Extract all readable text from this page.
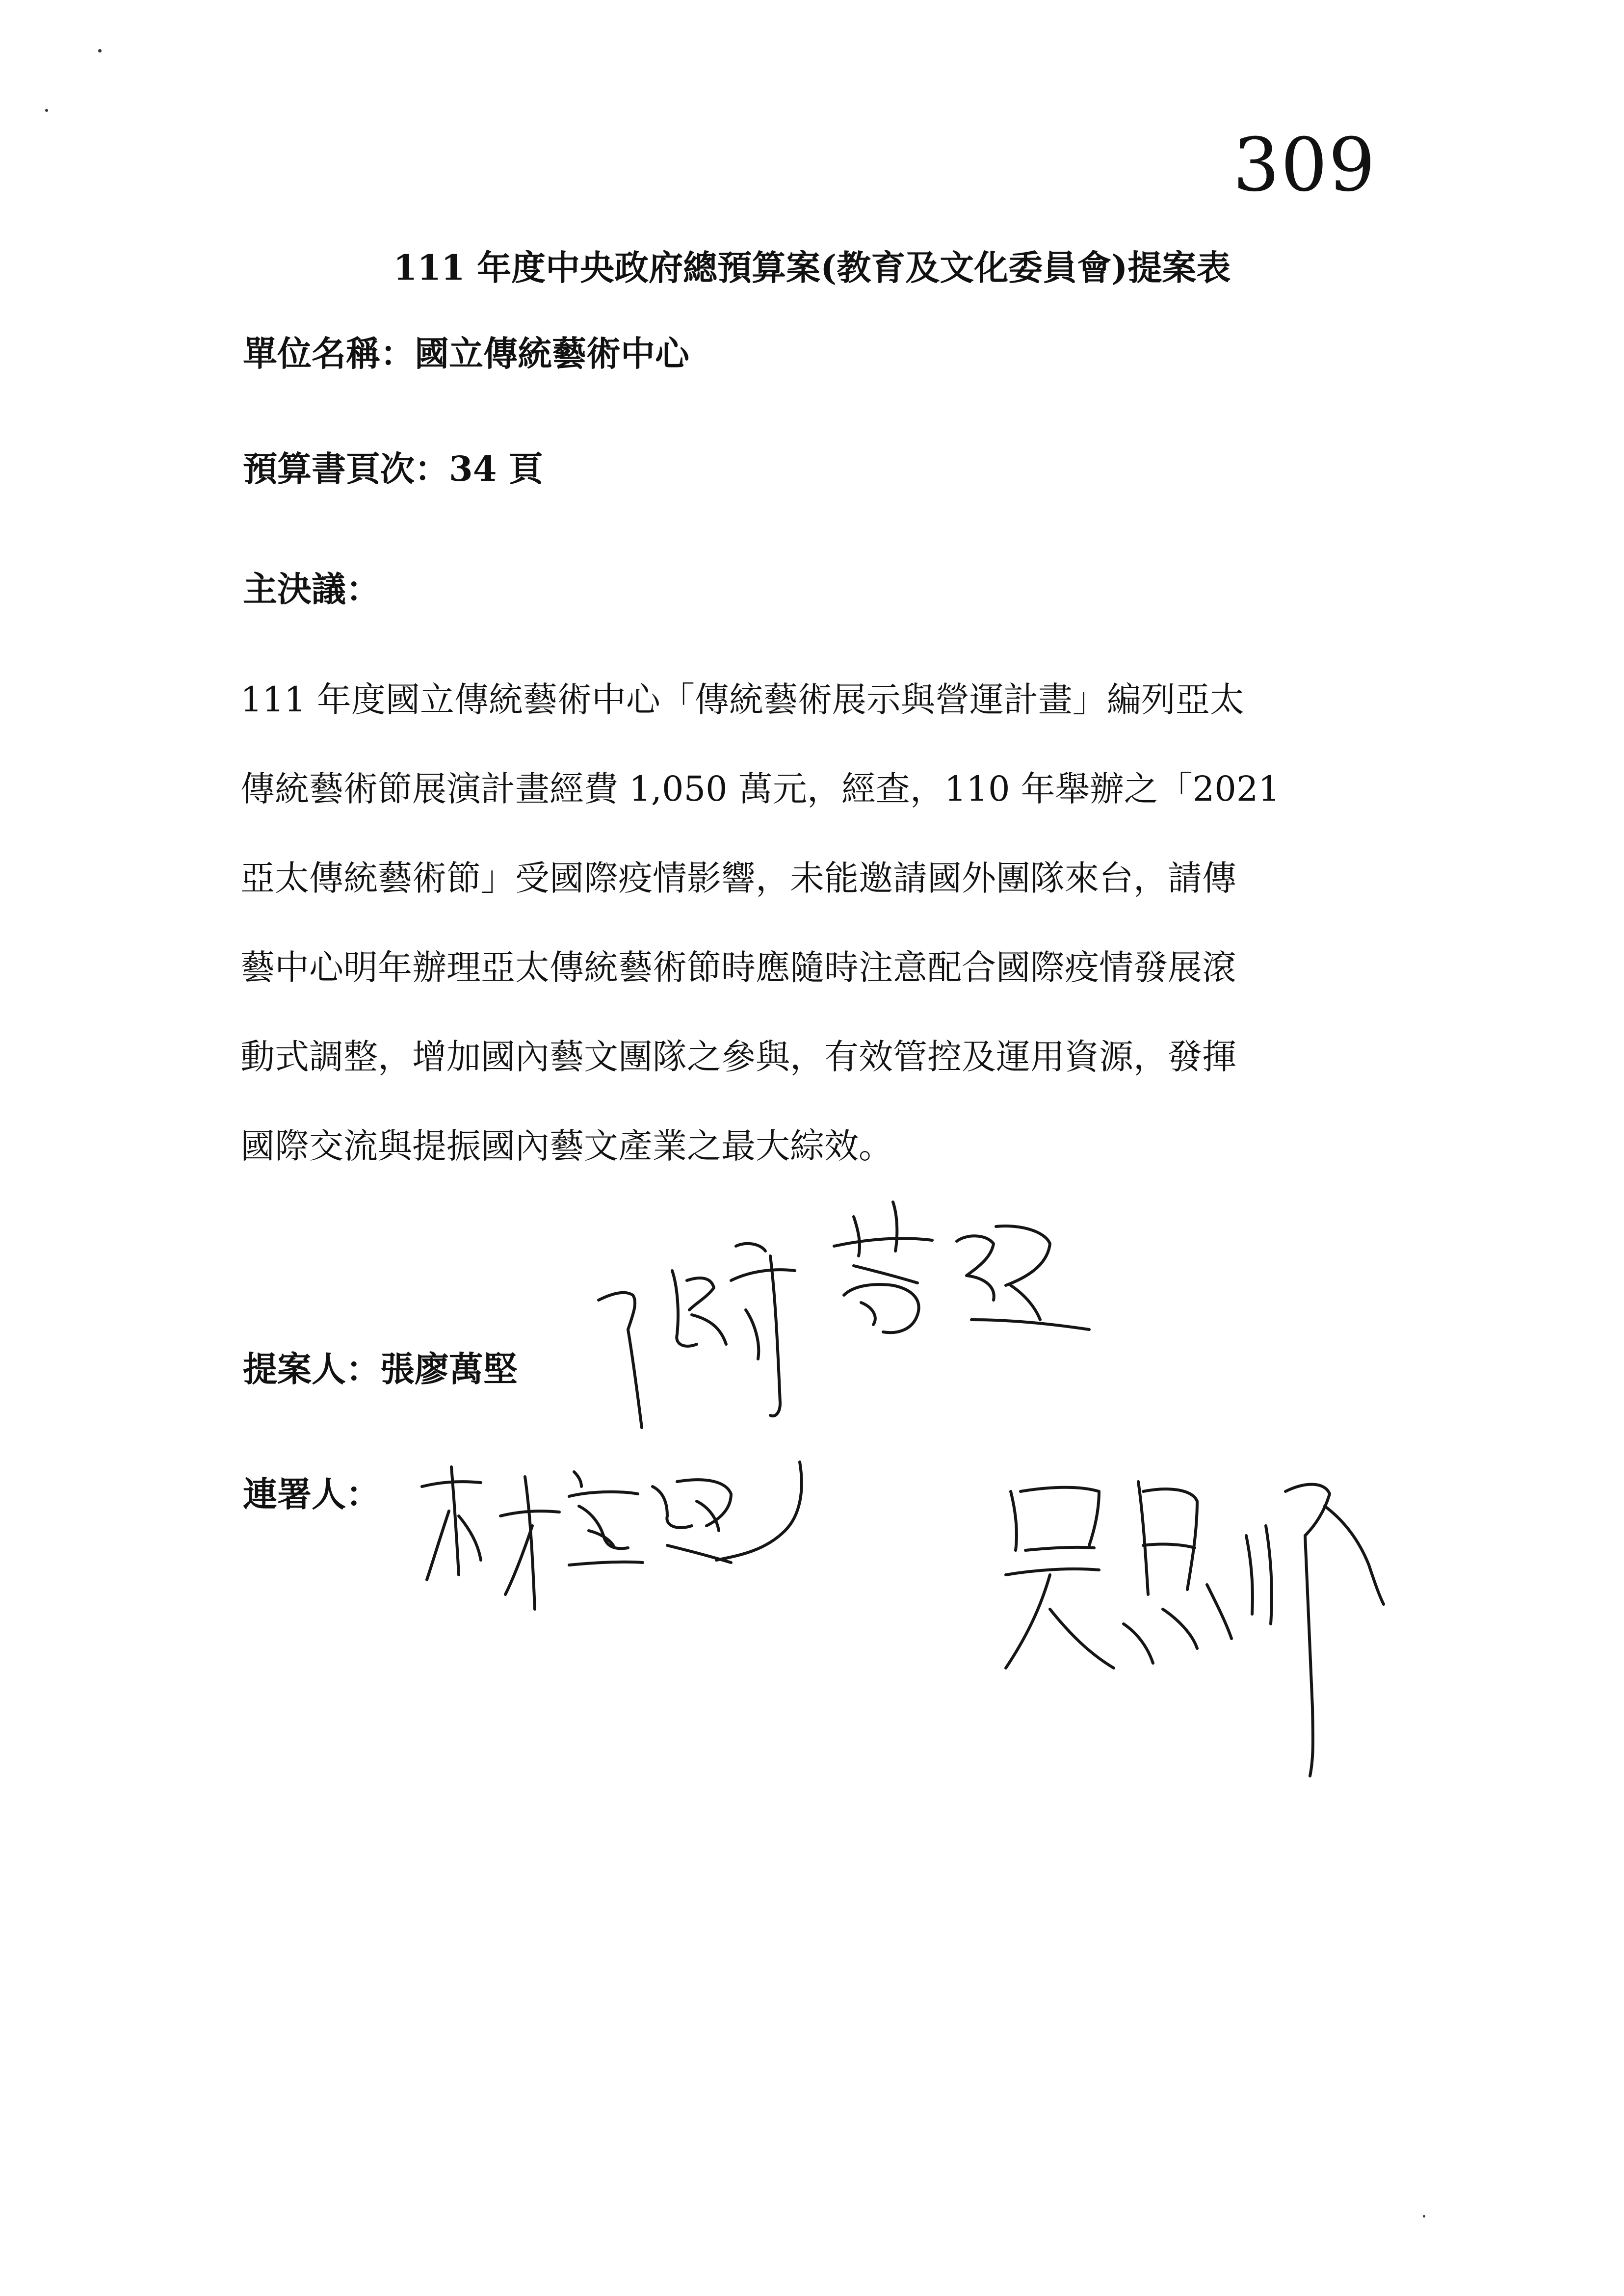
309
111 年度中央政府總預算案(教育及文化委員會)提案表
單位名稱：國立傳統藝術中心
預算書頁次：34 頁
主決議：
111 年度國立傳統藝術中心「傳統藝術展示與營運計畫」編列亞太
傳統藝術節展演計畫經費 1,050 萬元，經查，110 年舉辦之「2021
亞太傳統藝術節」受國際疫情影響，未能邀請國外團隊來台，請傳
藝中心明年辦理亞太傳統藝術節時應隨時注意配合國際疫情發展滾
動式調整，增加國內藝文團隊之參與，有效管控及運用資源，發揮
國際交流與提振國內藝文產業之最大綜效。
提案人：張廖萬堅
連署人：
